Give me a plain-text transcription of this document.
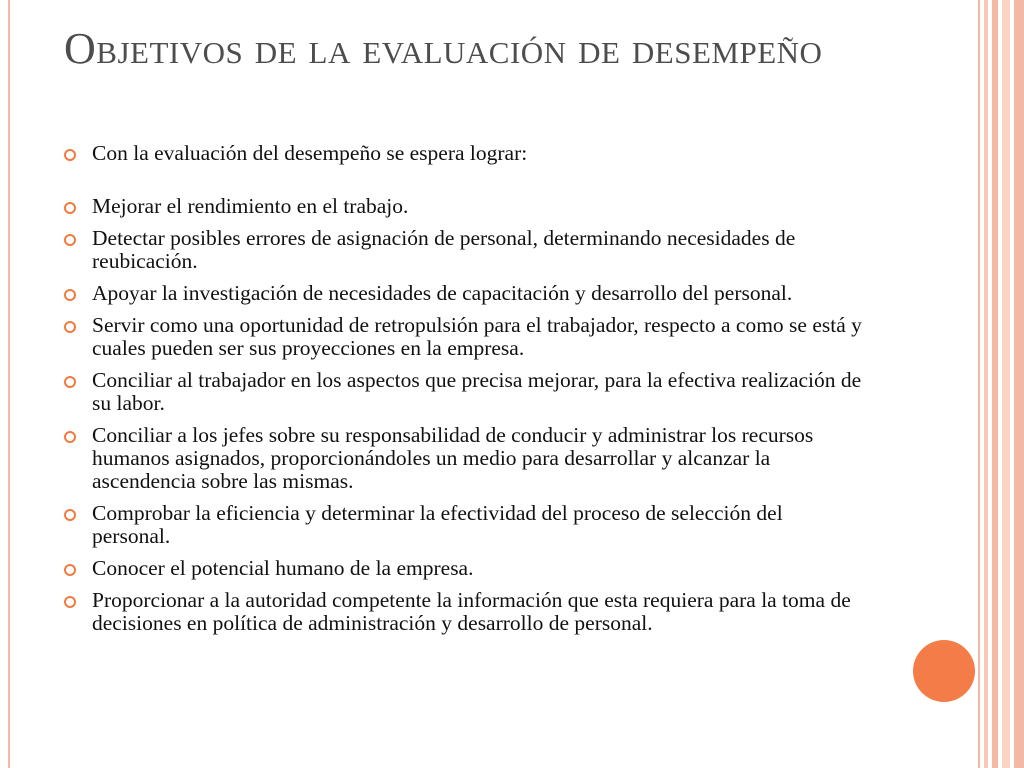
Objetivos de la evaluación de desempeño
Con la evaluación del desempeño se espera lograr:
Mejorar el rendimiento en el trabajo.
Detectar posibles errores de asignación de personal, determinando necesidades de reubicación.
Apoyar la investigación de necesidades de capacitación y desarrollo del personal.
Servir como una oportunidad de retropulsión para el trabajador, respecto a como se está y cuales pueden ser sus proyecciones en la empresa.
Conciliar al trabajador en los aspectos que precisa mejorar, para la efectiva realización de su labor.
Conciliar a los jefes sobre su responsabilidad de conducir y administrar los recursos humanos asignados, proporcionándoles un medio para desarrollar y alcanzar la ascendencia sobre las mismas.
Comprobar la eficiencia y determinar la efectividad del proceso de selección del personal.
Conocer el potencial humano de la empresa.
Proporcionar a la autoridad competente la información que esta requiera para la toma de decisiones en política de administración y desarrollo de personal.
